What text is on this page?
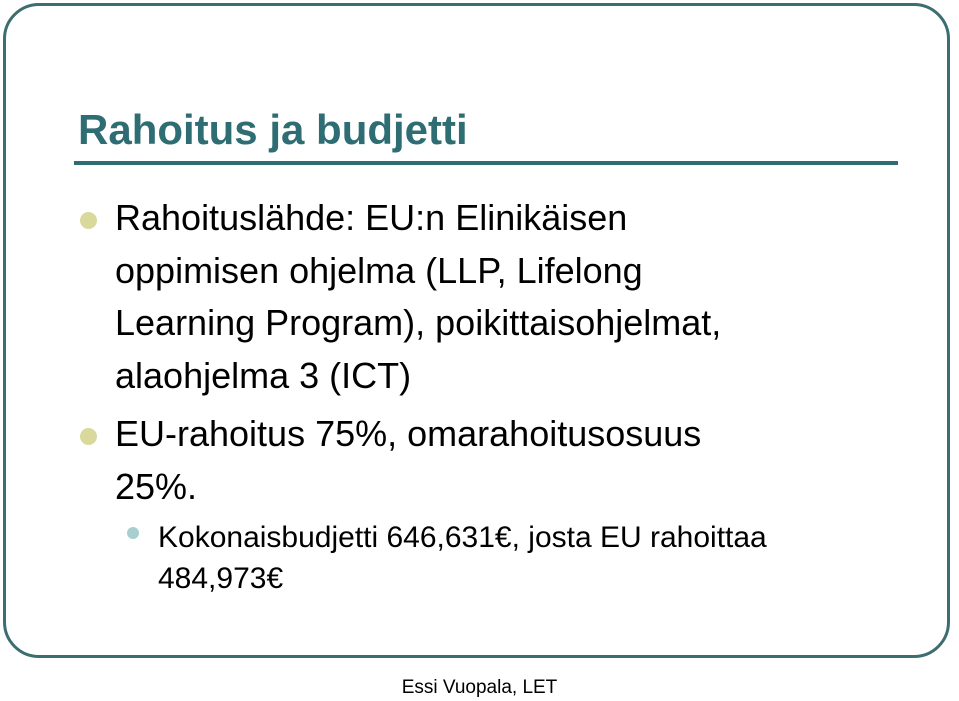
Rahoitus ja budjetti
Rahoituslähde: EU:n Elinikäisen
oppimisen ohjelma (LLP, Lifelong
Learning Program), poikittaisohjelmat,
alaohjelma 3 (ICT)
EU-rahoitus 75%, omarahoitusosuus
25%.
Kokonaisbudjetti 646,631€, josta EU rahoittaa
484,973€
Essi Vuopala, LET
